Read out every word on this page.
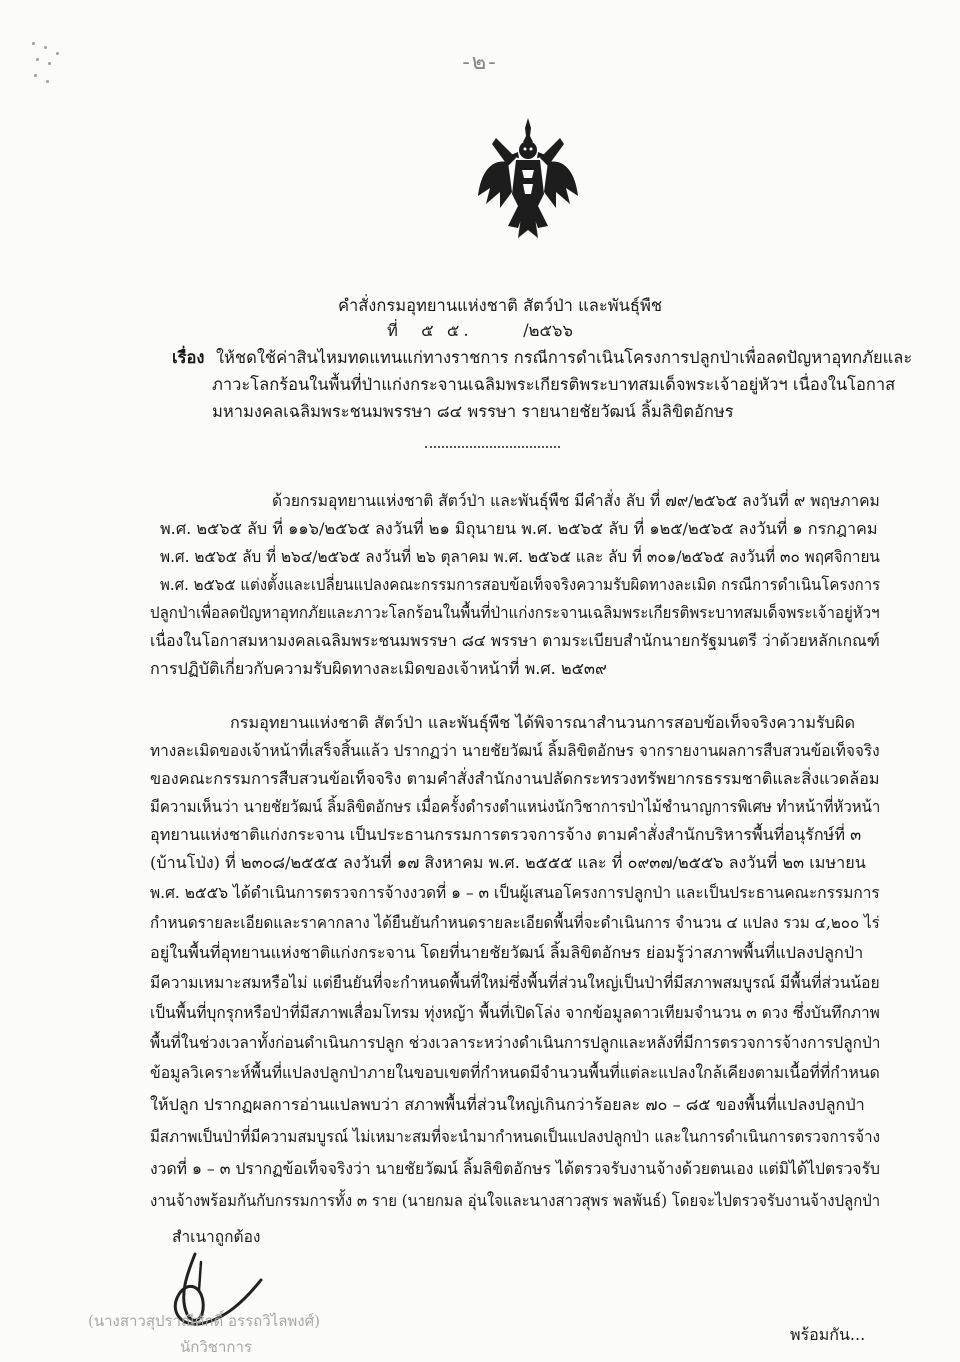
-๒-
คำสั่งกรมอุทยานแห่งชาติ สัตว์ป่า และพันธุ์พืช
ที่ ๕ ๕.	/๒๕๖๖
เรื่อง ให้ชดใช้ค่าสินไหมทดแทนแก่ทางราชการ กรณีการดำเนินโครงการปลูกป่าเพื่อลดปัญหาอุทกภัยและ
ภาวะโลกร้อนในพื้นที่ป่าแก่งกระจานเฉลิมพระเกียรติพระบาทสมเด็จพระเจ้าอยู่หัวฯ เนื่องในโอกาส
มหามงคลเฉลิมพระชนมพรรษา ๘๔ พรรษา รายนายชัยวัฒน์ ลิ้มลิขิตอักษร
ด้วยกรมอุทยานแห่งชาติ สัตว์ป่า และพันธุ์พืช มีคำสั่ง ลับ ที่ ๗๙/๒๕๖๕ ลงวันที่ ๙ พฤษภาคม
พ.ศ. ๒๕๖๕ ลับ ที่ ๑๑๖/๒๕๖๕ ลงวันที่ ๒๑ มิถุนายน พ.ศ. ๒๕๖๕ ลับ ที่ ๑๒๕/๒๕๖๕ ลงวันที่ ๑ กรกฎาคม
พ.ศ. ๒๕๖๕ ลับ ที่ ๒๖๔/๒๕๖๕ ลงวันที่ ๒๖ ตุลาคม พ.ศ. ๒๕๖๕ และ ลับ ที่ ๓๐๑/๒๕๖๕ ลงวันที่ ๓๐ พฤศจิกายน
พ.ศ. ๒๕๖๕ แต่งตั้งและเปลี่ยนแปลงคณะกรรมการสอบข้อเท็จจริงความรับผิดทางละเมิด กรณีการดำเนินโครงการ
ปลูกป่าเพื่อลดปัญหาอุทกภัยและภาวะโลกร้อนในพื้นที่ป่าแก่งกระจานเฉลิมพระเกียรติพระบาทสมเด็จพระเจ้าอยู่หัวฯ
เนื่องในโอกาสมหามงคลเฉลิมพระชนมพรรษา ๘๔ พรรษา ตามระเบียบสำนักนายกรัฐมนตรี ว่าด้วยหลักเกณฑ์
การปฏิบัติเกี่ยวกับความรับผิดทางละเมิดของเจ้าหน้าที่ พ.ศ. ๒๕๓๙
กรมอุทยานแห่งชาติ สัตว์ป่า และพันธุ์พืช ได้พิจารณาสำนวนการสอบข้อเท็จจริงความรับผิด
ทางละเมิดของเจ้าหน้าที่เสร็จสิ้นแล้ว ปรากฏว่า นายชัยวัฒน์ ลิ้มลิขิตอักษร จากรายงานผลการสืบสวนข้อเท็จจริง
ของคณะกรรมการสืบสวนข้อเท็จจริง ตามคำสั่งสำนักงานปลัดกระทรวงทรัพยากรธรรมชาติและสิ่งแวดล้อม
มีความเห็นว่า นายชัยวัฒน์ ลิ้มลิขิตอักษร เมื่อครั้งดำรงตำแหน่งนักวิชาการป่าไม้ชำนาญการพิเศษ ทำหน้าที่หัวหน้า
อุทยานแห่งชาติแก่งกระจาน เป็นประธานกรรมการตรวจการจ้าง ตามคำสั่งสำนักบริหารพื้นที่อนุรักษ์ที่ ๓
(บ้านโป่ง) ที่ ๒๓๐๘/๒๕๕๕ ลงวันที่ ๑๗ สิงหาคม พ.ศ. ๒๕๕๕ และ ที่ ๐๙๓๗/๒๕๕๖ ลงวันที่ ๒๓ เมษายน
พ.ศ. ๒๕๕๖ ได้ดำเนินการตรวจการจ้างงวดที่ ๑ – ๓ เป็นผู้เสนอโครงการปลูกป่า และเป็นประธานคณะกรรมการ
กำหนดรายละเอียดและราคากลาง ได้ยืนยันกำหนดรายละเอียดพื้นที่จะดำเนินการ จำนวน ๔ แปลง รวม ๔,๒๐๐ ไร่
อยู่ในพื้นที่อุทยานแห่งชาติแก่งกระจาน โดยที่นายชัยวัฒน์ ลิ้มลิขิตอักษร ย่อมรู้ว่าสภาพพื้นที่แปลงปลูกป่า
มีความเหมาะสมหรือไม่ แต่ยืนยันที่จะกำหนดพื้นที่ใหม่ซึ่งพื้นที่ส่วนใหญ่เป็นป่าที่มีสภาพสมบูรณ์ มีพื้นที่ส่วนน้อย
เป็นพื้นที่บุกรุกหรือป่าที่มีสภาพเสื่อมโทรม ทุ่งหญ้า พื้นที่เปิดโล่ง จากข้อมูลดาวเทียมจำนวน ๓ ดวง ซึ่งบันทึกภาพ
พื้นที่ในช่วงเวลาทั้งก่อนดำเนินการปลูก ช่วงเวลาระหว่างดำเนินการปลูกและหลังที่มีการตรวจการจ้างการปลูกป่า
ข้อมูลวิเคราะห์พื้นที่แปลงปลูกป่าภายในขอบเขตที่กำหนดมีจำนวนพื้นที่แต่ละแปลงใกล้เคียงตามเนื้อที่ที่กำหนด
ให้ปลูก ปรากฏผลการอ่านแปลพบว่า สภาพพื้นที่ส่วนใหญ่เกินกว่าร้อยละ ๗๐ – ๘๕ ของพื้นที่แปลงปลูกป่า
มีสภาพเป็นป่าที่มีความสมบูรณ์ ไม่เหมาะสมที่จะนำมากำหนดเป็นแปลงปลูกป่า และในการดำเนินการตรวจการจ้าง
งวดที่ ๑ – ๓ ปรากฏข้อเท็จจริงว่า นายชัยวัฒน์ ลิ้มลิขิตอักษร ได้ตรวจรับงานจ้างด้วยตนเอง แต่มิได้ไปตรวจรับ
งานจ้างพร้อมกันกับกรรมการทั้ง ๓ ราย (นายกมล อุ่นใจและนางสาวสุพร พลพันธ์) โดยจะไปตรวจรับงานจ้างปลูกป่า
สำเนาถูกต้อง
(นางสาวสุปราณีศักดิ์ อรรถวิไลพงศ์)
นักวิชาการ
พร้อมกัน...
